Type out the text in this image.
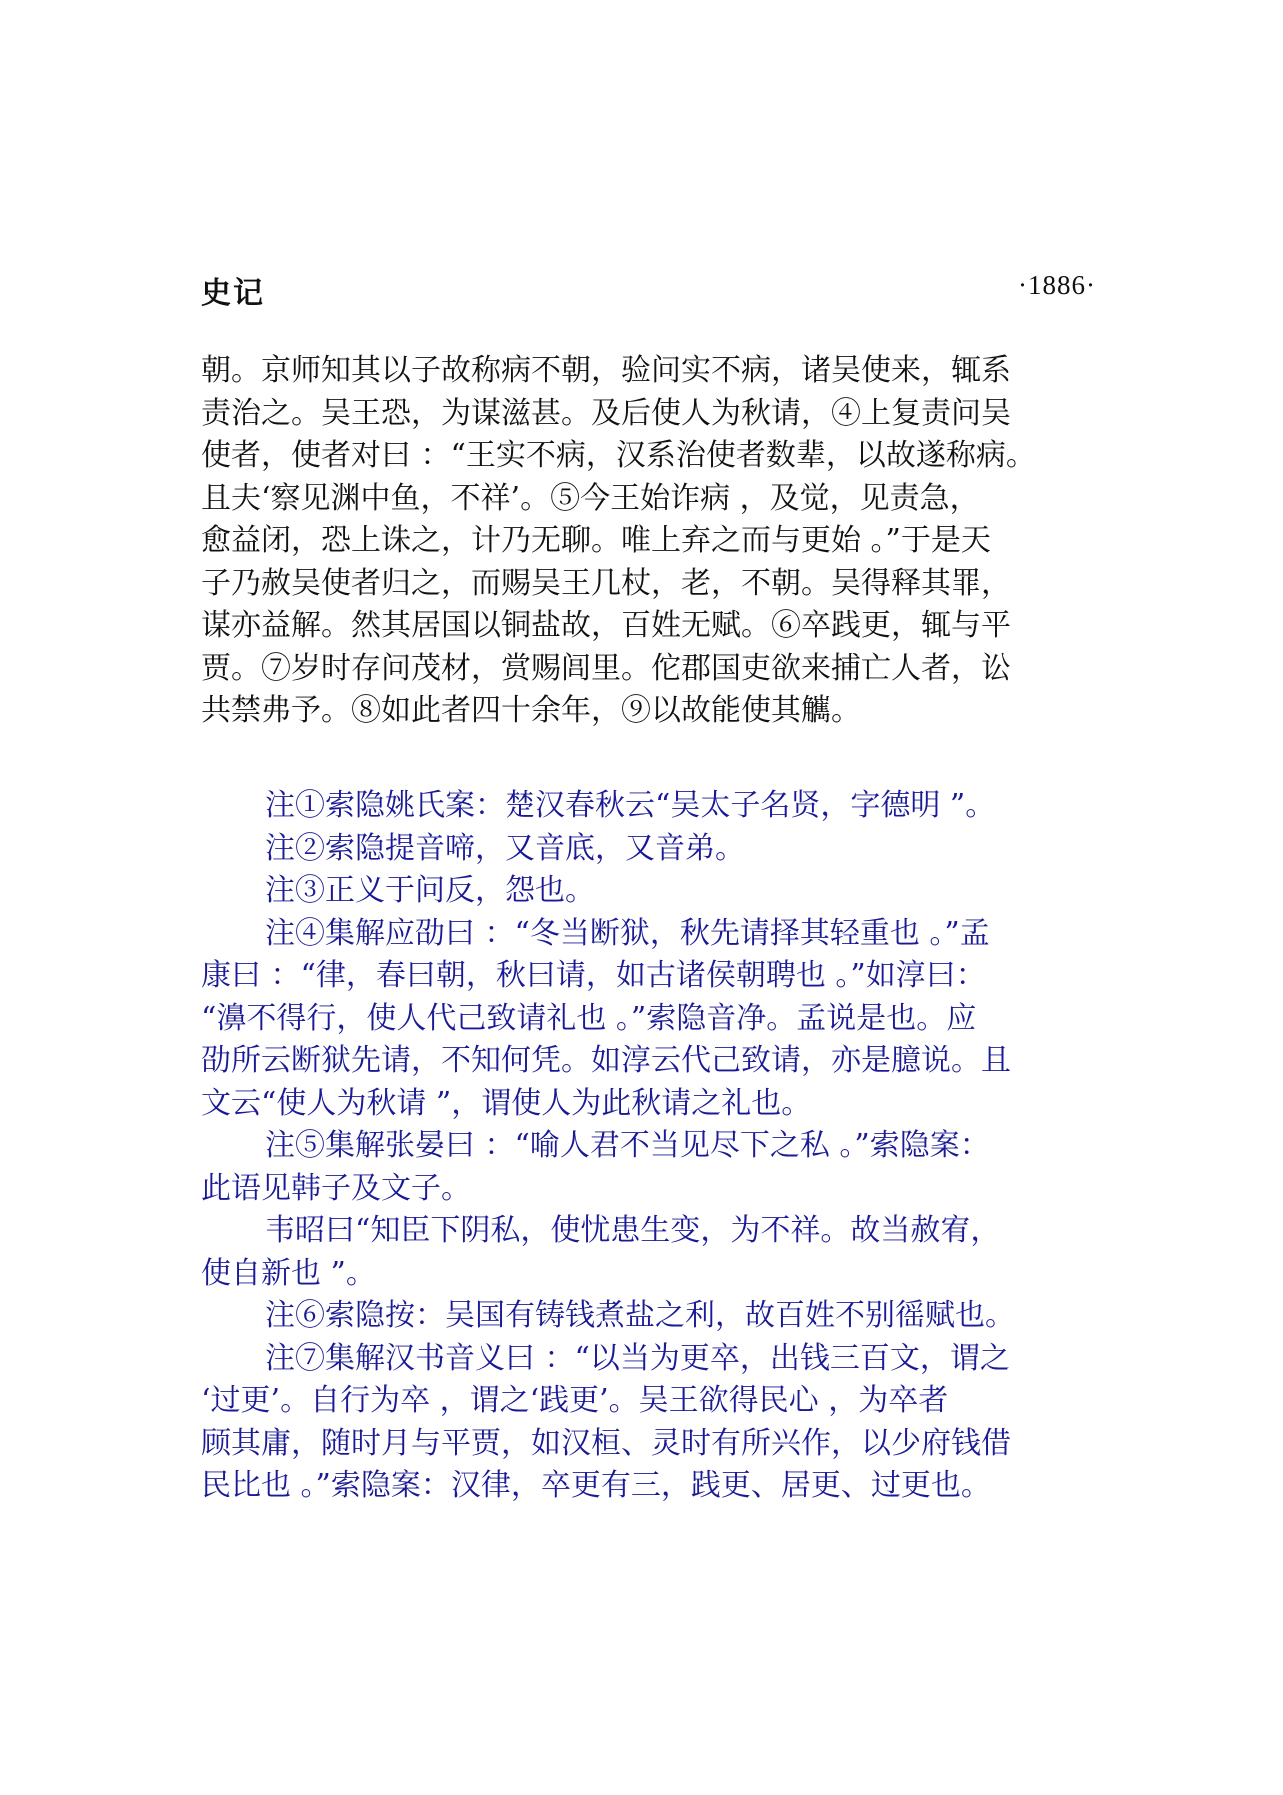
史记	·1886·
朝。京师知其以子故称病不朝，验问实不病，诸吴使来，辄系
责治之。吴王恐，为谋滋甚。及后使人为秋请，④上复责问吴
使者，使者对曰 ：“王实不病，汉系治使者数辈，以故遂称病。
且夫‘察见渊中鱼，不祥’。⑤今王始诈病 ，及觉，见责急，
愈益闭，恐上诛之，计乃无聊。唯上弃之而与更始 。”于是天
子乃赦吴使者归之，而赐吴王几杖，老，不朝。吴得释其罪，
谋亦益解。然其居国以铜盐故，百姓无赋。⑥卒践更，辄与平
贾。⑦岁时存问茂材，赏赐闾里。佗郡国吏欲来捕亡人者，讼
共禁弗予。⑧如此者四十余年，⑨以故能使其觽。
注①索隐姚氏案：楚汉春秋云“吴太子名贤，字德明 ”。
注②索隐提音啼，又音底，又音弟。
注③正义于问反，怨也。
注④集解应劭曰 ：“冬当断狱，秋先请择其轻重也 。”孟
康曰 ：“律，春曰朝，秋曰请，如古诸侯朝聘也 。”如淳曰：
“濞不得行，使人代己致请礼也 。”索隐音净。孟说是也。应
劭所云断狱先请，不知何凭。如淳云代己致请，亦是臆说。且
文云“使人为秋请 ”，谓使人为此秋请之礼也。
注⑤集解张晏曰 ：“喻人君不当见尽下之私 。”索隐案：
此语见韩子及文子。
韦昭曰“知臣下阴私，使忧患生变，为不祥。故当赦宥，
使自新也 ”。
注⑥索隐按：吴国有铸钱煮盐之利，故百姓不别徭赋也。
注⑦集解汉书音义曰 ：“以当为更卒，出钱三百文，谓之
‘过更’。自行为卒 ，谓之‘践更’。吴王欲得民心 ，为卒者
顾其庸，随时月与平贾，如汉桓、灵时有所兴作，以少府钱借
民比也 。”索隐案：汉律，卒更有三，践更、居更、过更也。
